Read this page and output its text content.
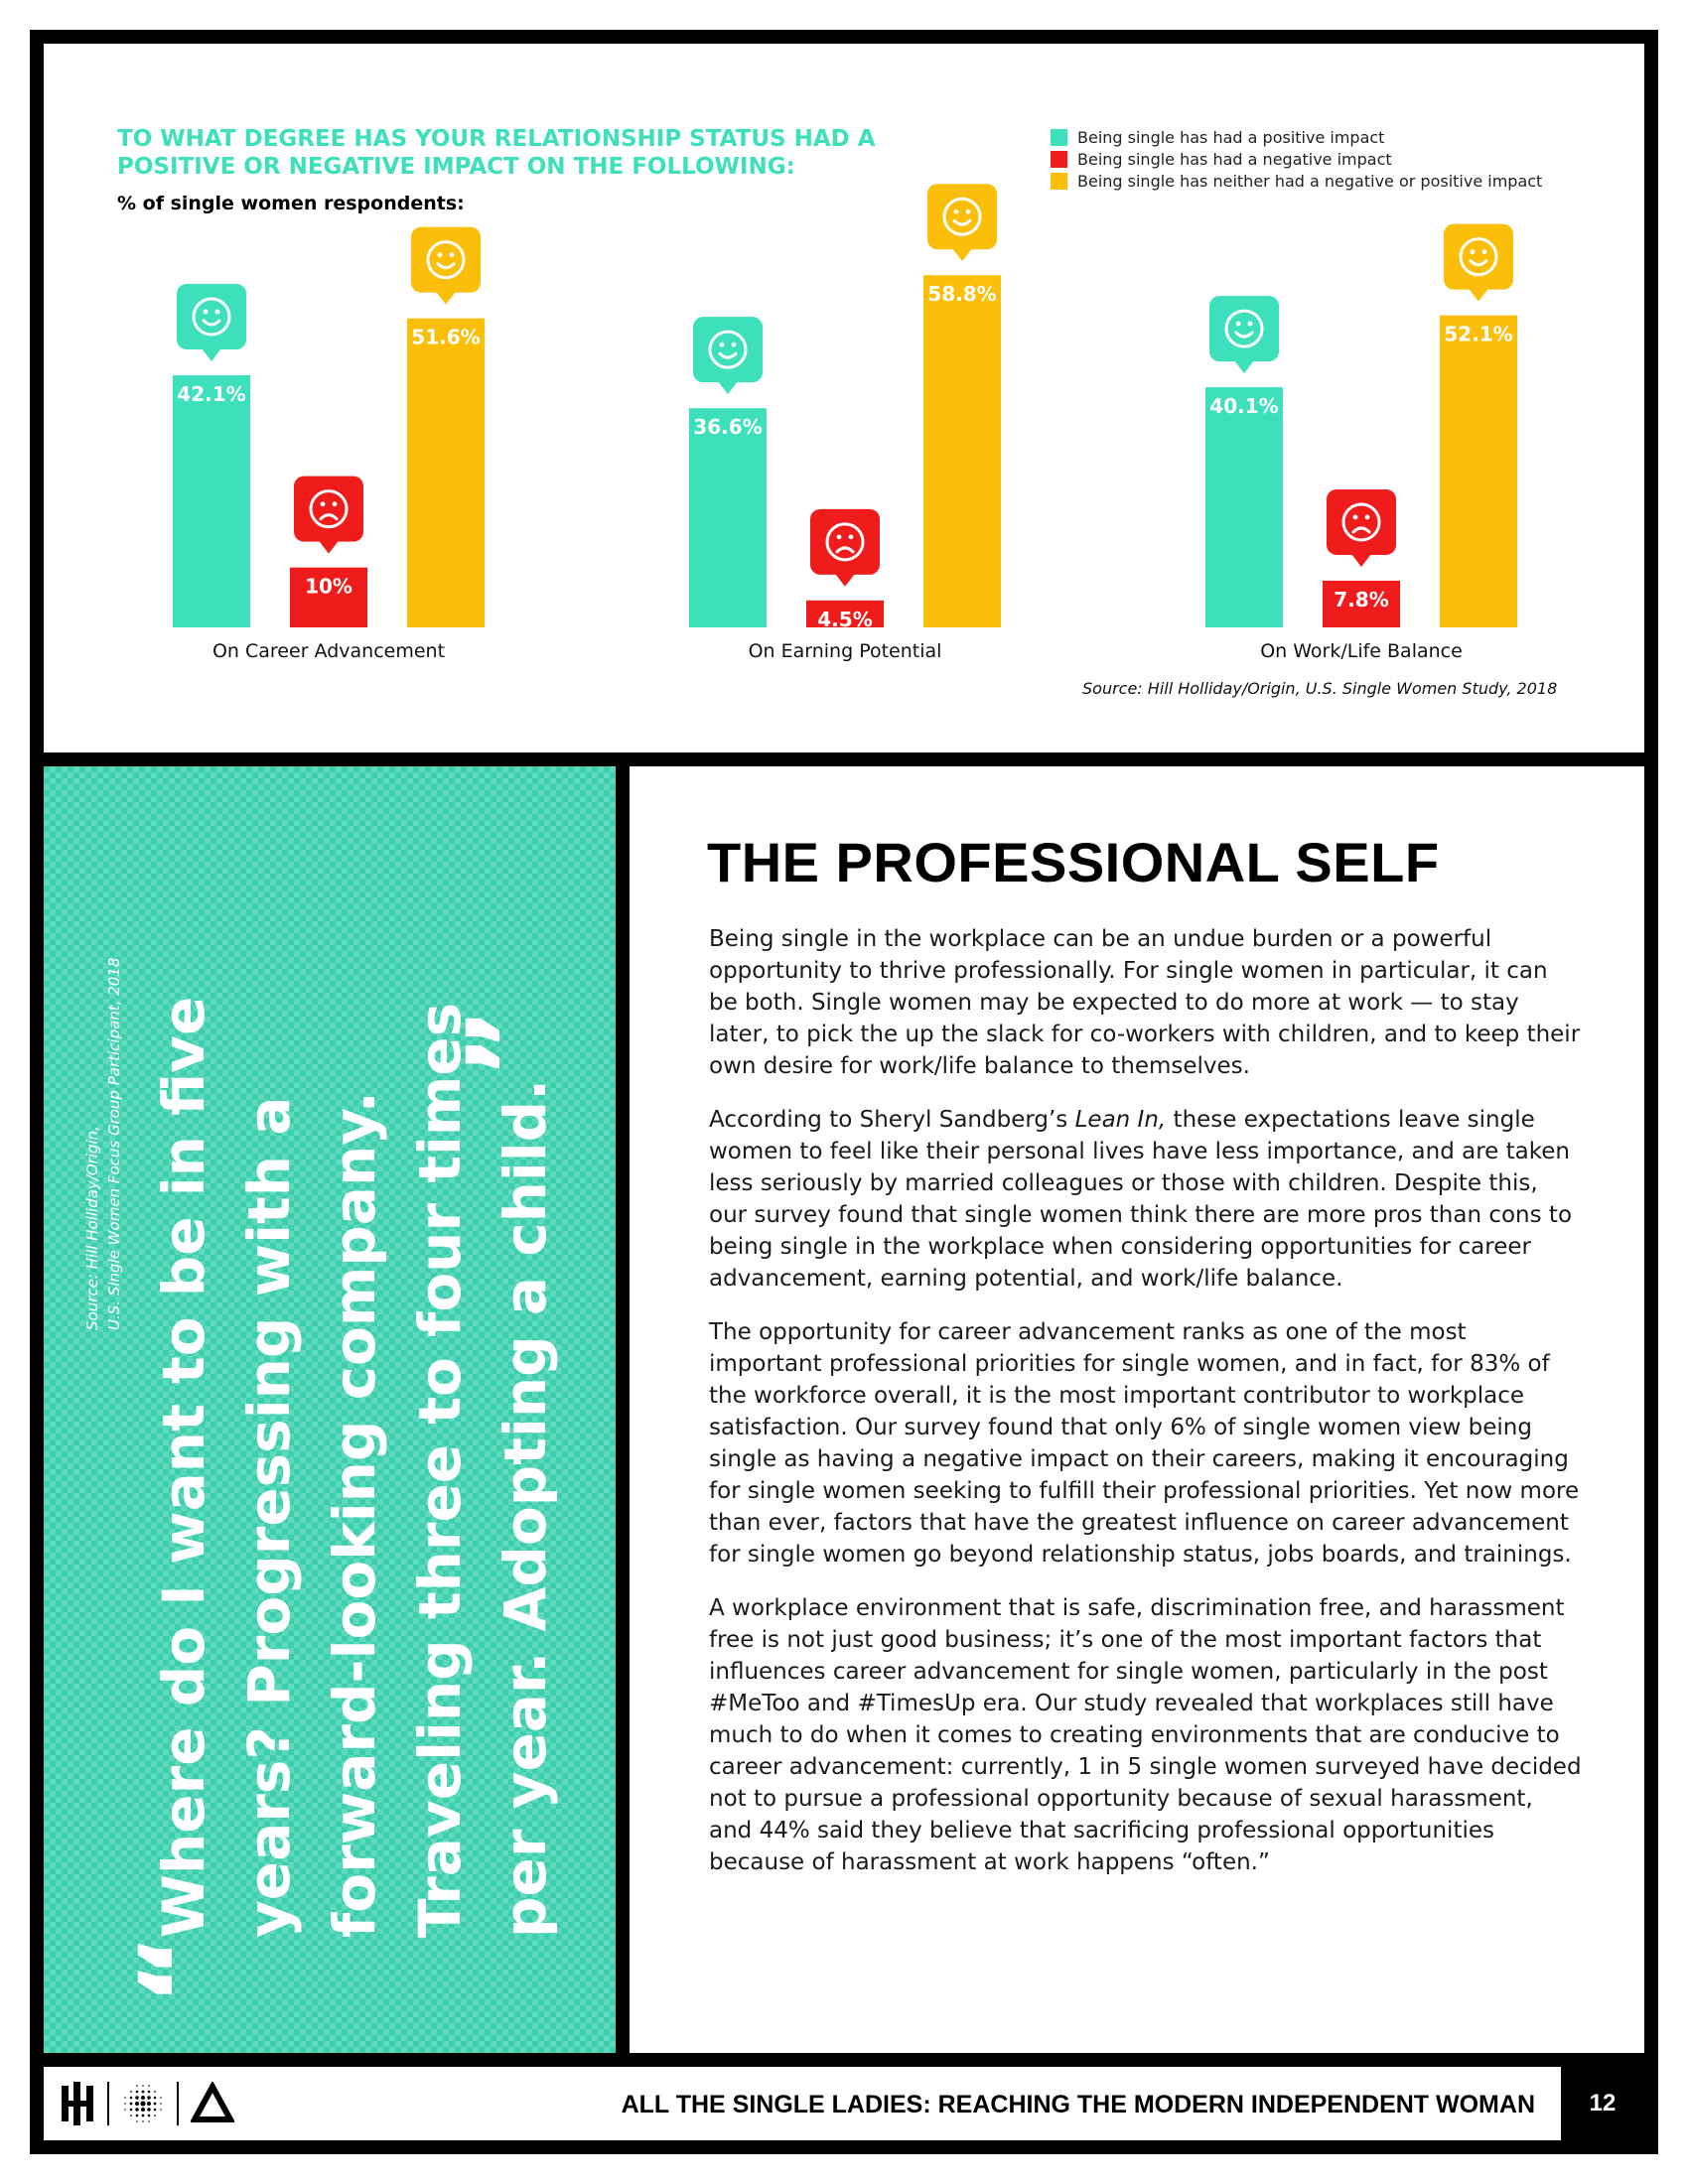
42.1%
10%
51.6%
On Career Advancement
36.6%
4.5%
58.8%
On Earning Potential
40.1%
7.8%
52.1%
On Work/Life Balance
TO WHAT DEGREE HAS YOUR RELATIONSHIP STATUS HAD A POSITIVE OR NEGATIVE IMPACT ON THE FOLLOWING:

% of single women respondents:

Being single has had a positive impact
Being single has had a negative impact
Being single has neither had a negative or positive impact
Source: Hill Holliday/Origin, U.S. Single Women Study, 2018
“

Where do I want to be in five years? Progressing with a forward-looking company. Traveling three to four times per year. Adopting a child.”

Source: Hill Holliday/Origin, U.S. Single Women Focus Group Participant, 2018

THE PROFESSIONAL SELF

Being single in the workplace can be an undue burden or a powerful opportunity to thrive professionally. For single women in particular, it can be both. Single women may be expected to do more at work — to stay later, to pick the up the slack for co-workers with children, and to keep their own desire for work/life balance to themselves.

According to Sheryl Sandberg’s Lean In, these expectations leave single women to feel like their personal lives have less importance, and are taken less seriously by married colleagues or those with children. Despite this, our survey found that single women think there are more pros than cons to being single in the workplace when considering opportunities for career advancement, earning potential, and work/life balance.

The opportunity for career advancement ranks as one of the most important professional priorities for single women, and in fact, for 83% of the workforce overall, it is the most important contributor to workplace satisfaction. Our survey found that only 6% of single women view being single as having a negative impact on their careers, making it encouraging for single women seeking to fulfill their professional priorities. Yet now more than ever, factors that have the greatest influence on career advancement for single women go beyond relationship status, jobs boards, and trainings.

A workplace environment that is safe, discrimination free, and harassment free is not just good business; it’s one of the most important factors that influences career advancement for single women, particularly in the post #MeToo and #TimesUp era. Our study revealed that workplaces still have much to do when it comes to creating environments that are conducive to career advancement: currently, 1 in 5 single women surveyed have decided not to pursue a professional opportunity because of sexual harassment, and 44% said they believe that sacrificing professional opportunities because of harassment at work happens “often.”

ALL THE SINGLE LADIES: REACHING THE MODERN INDEPENDENT WOMAN	12
